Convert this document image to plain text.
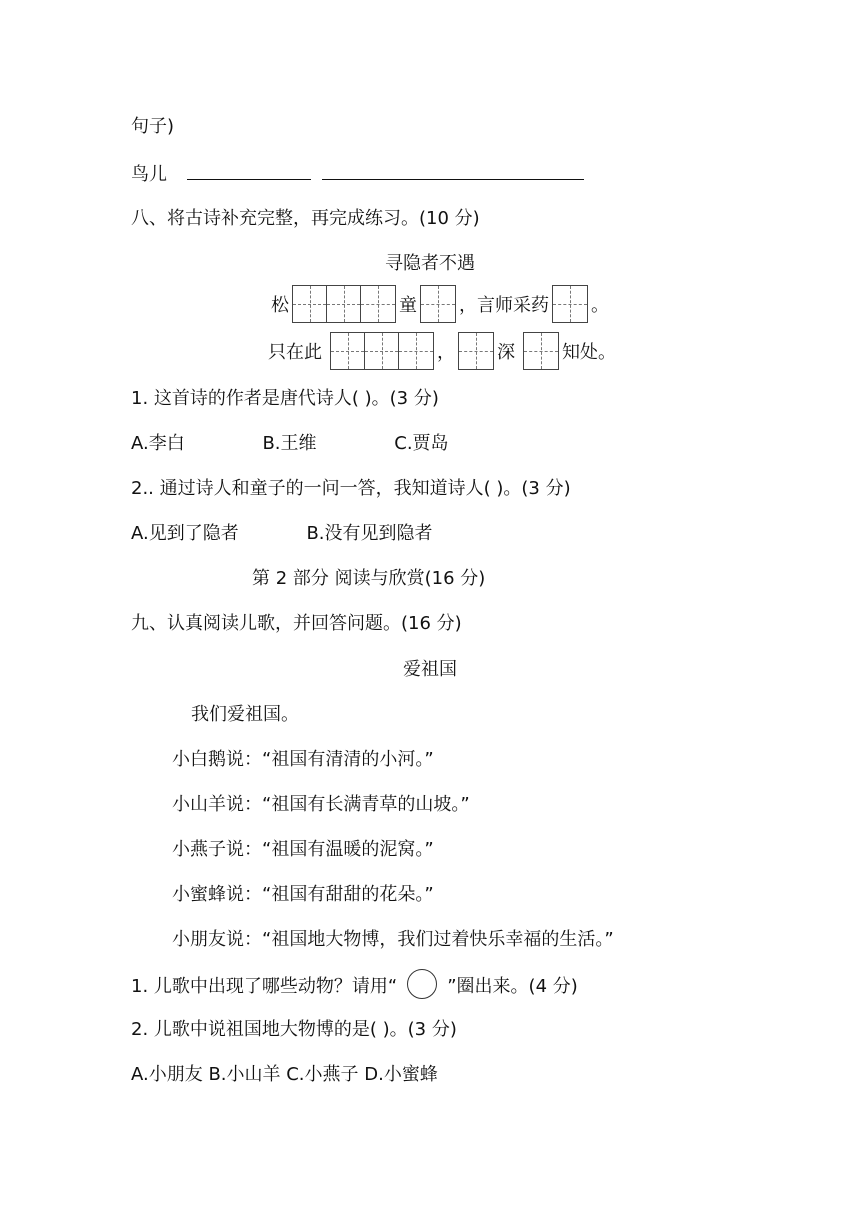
句子)
鸟儿
八、将古诗补充完整，再完成练习。(10 分)
寻隐者不遇
松	童 ，言师采药 。
只在此	， 深	知处。
1. 这首诗的作者是唐代诗人( )。(3 分)
A.李白	B.王维	C.贾岛
2.. 通过诗人和童子的一问一答，我知道诗人( )。(3 分)
A.见到了隐者	B.没有见到隐者
第 2 部分 阅读与欣赏(16 分)
九、认真阅读儿歌，并回答问题。(16 分)
爱祖国
我们爱祖国。
小白鹅说：“祖国有清清的小河。”
小山羊说：“祖国有长满青草的山坡。”
小燕子说：“祖国有温暖的泥窝。”
小蜜蜂说：“祖国有甜甜的花朵。”
小朋友说：“祖国地大物博，我们过着快乐幸福的生活。”
1. 儿歌中出现了哪些动物？请用“	”圈出来。(4 分)
2. 儿歌中说祖国地大物博的是( )。(3 分)
A.小朋友 B.小山羊 C.小燕子 D.小蜜蜂
